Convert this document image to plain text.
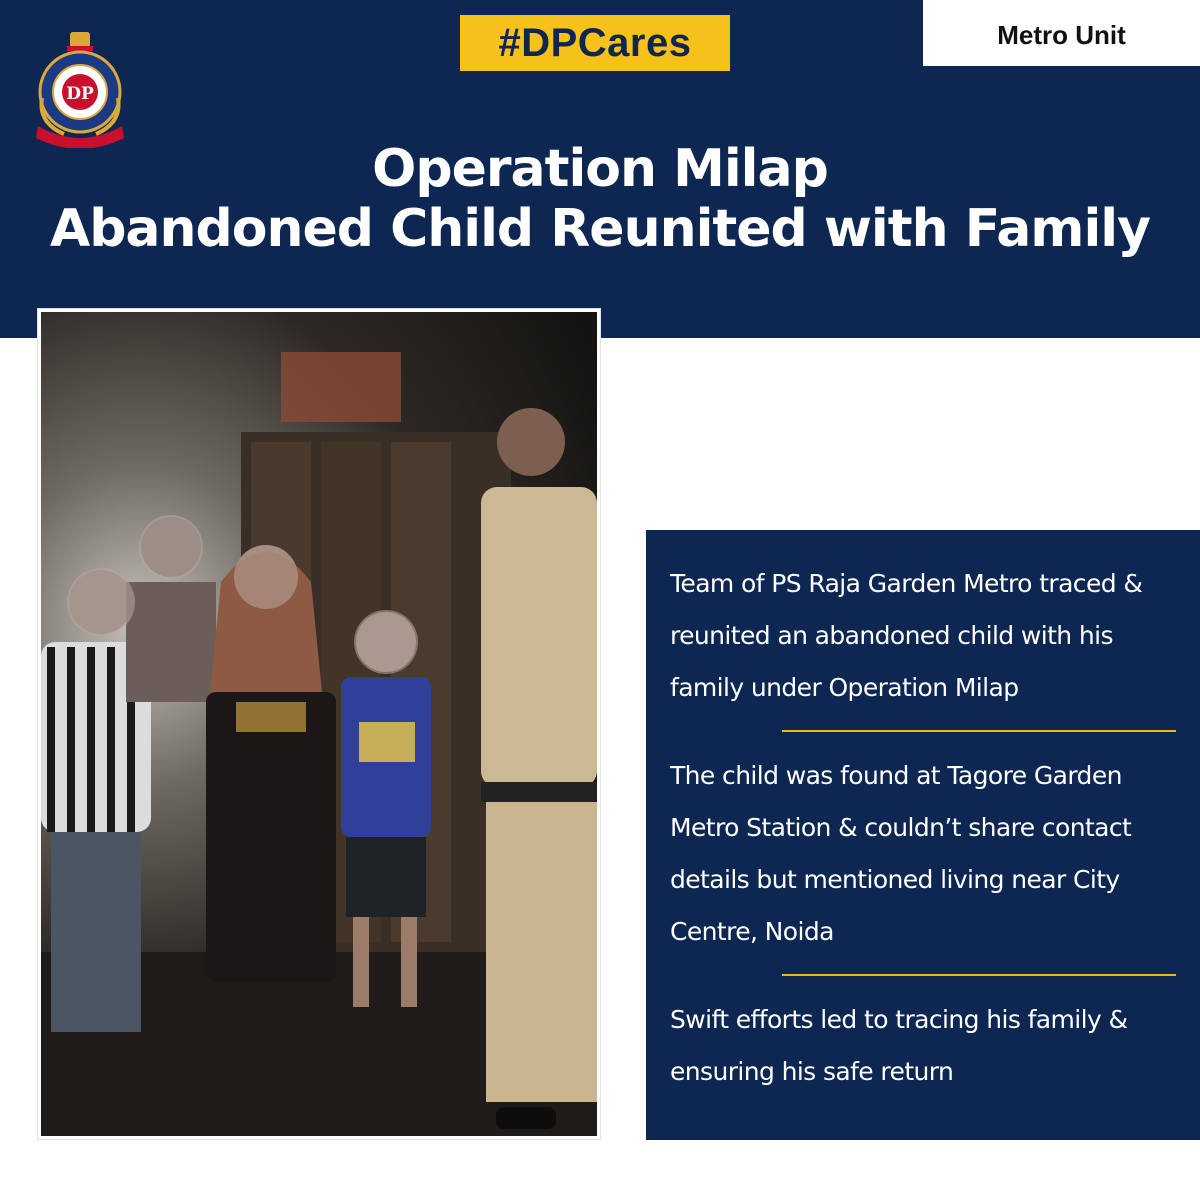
DP
#DPCares	Metro Unit
Operation Milap
Abandoned Child Reunited with Family

Team of PS Raja Garden Metro traced & reunited an abandoned child with his family under Operation Milap

The child was found at Tagore Garden Metro Station & couldn’t share contact details but mentioned living near City Centre, Noida

Swift efforts led to tracing his family & ensuring his safe return
